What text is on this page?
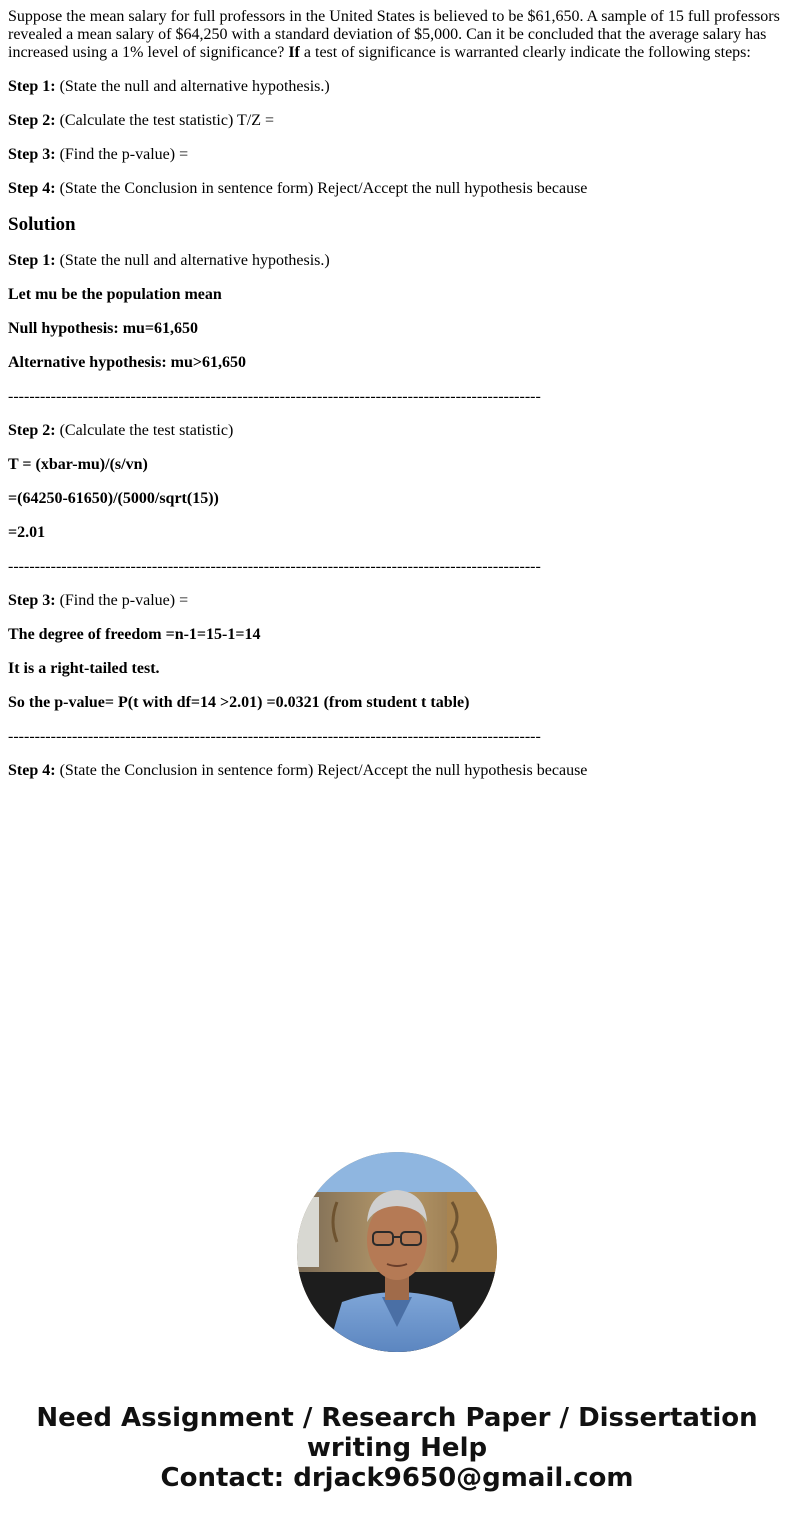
Suppose the mean salary for full professors in the United States is believed to be $61,650. A sample of 15 full professors revealed a mean salary of $64,250 with a standard deviation of $5,000. Can it be concluded that the average salary has increased using a 1% level of significance? If a test of significance is warranted clearly indicate the following steps:

Step 1: (State the null and alternative hypothesis.)

Step 2: (Calculate the test statistic) T/Z =

Step 3: (Find the p-value) =

Step 4: (State the Conclusion in sentence form) Reject/Accept the null hypothesis because

Solution

Step 1: (State the null and alternative hypothesis.)

Let mu be the population mean

Null hypothesis: mu=61,650

Alternative hypothesis: mu>61,650

----------------------------------------------------------------------------------------------------

Step 2: (Calculate the test statistic)

T = (xbar-mu)/(s/vn)

=(64250-61650)/(5000/sqrt(15))

=2.01

----------------------------------------------------------------------------------------------------

Step 3: (Find the p-value) =

The degree of freedom =n-1=15-1=14

It is a right-tailed test.

So the p-value= P(t with df=14 >2.01) =0.0321 (from student t table)

----------------------------------------------------------------------------------------------------

Step 4: (State the Conclusion in sentence form) Reject/Accept the null hypothesis because

Need Assignment / Research Paper / Dissertation
writing Help
Contact: drjack9650@gmail.com
